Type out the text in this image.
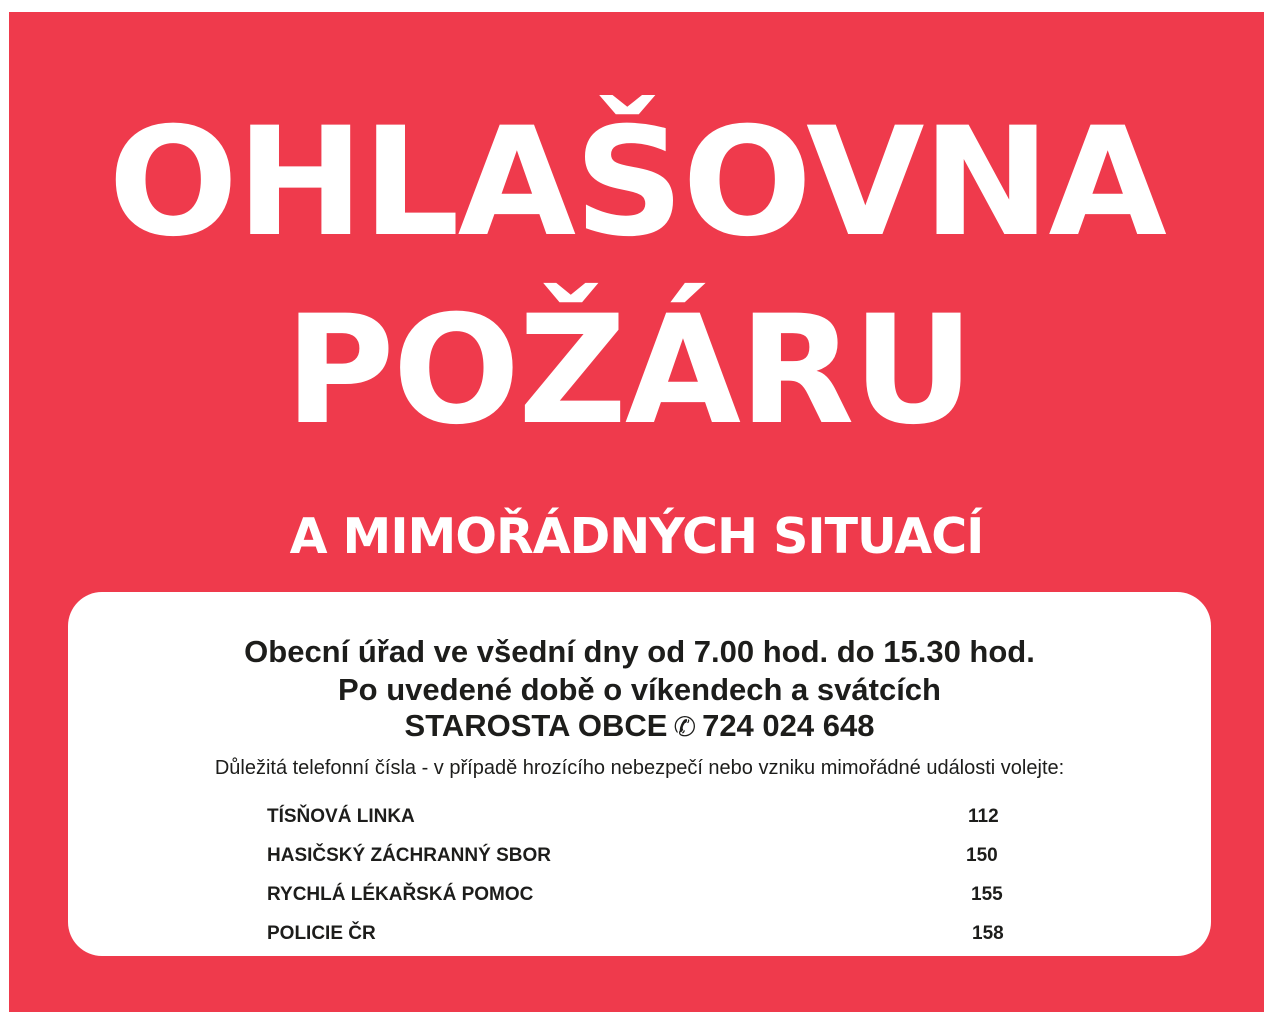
OHLAŠOVNA
POŽÁRU
A MIMOŘÁDNÝCH SITUACÍ
Obecní úřad ve všední dny od 7.00 hod. do 15.30 hod.
Po uvedené době o víkendech a svátcích
STAROSTA OBCE ✆ 724 024 648
Důležitá telefonní čísla - v případě hrozícího nebezpečí nebo vzniku mimořádné události volejte:
TÍSŇOVÁ LINKA	112
HASIČSKÝ ZÁCHRANNÝ SBOR	150
RYCHLÁ LÉKAŘSKÁ POMOC	155
POLICIE ČR	158
